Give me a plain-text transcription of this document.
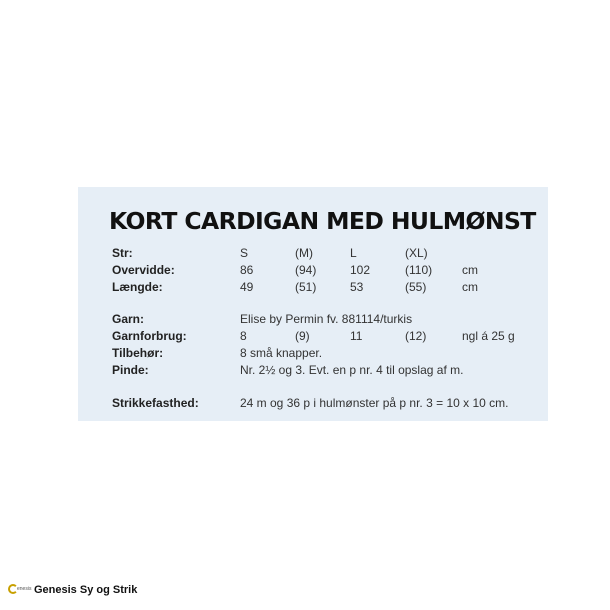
KORT CARDIGAN MED HULMØNST
Str:	S	(M)	L	(XL)
Overvidde:	86	(94)	102	(110) cm
Længde:	49	(51)	53	(55)	cm
Garn:	Elise by Permin fv. 881114/turkis
Garnforbrug:	8	(9)	11	(12)	ngl á 25 g
Tilbehør:	8 små knapper.
Pinde:	Nr. 2½ og 3. Evt. en p nr. 4 til opslag af m.
Strikkefasthed:	24 m og 36 p i hulmønster på p nr. 3 = 10 x 10 cm.
enesis Genesis Sy og Strik
